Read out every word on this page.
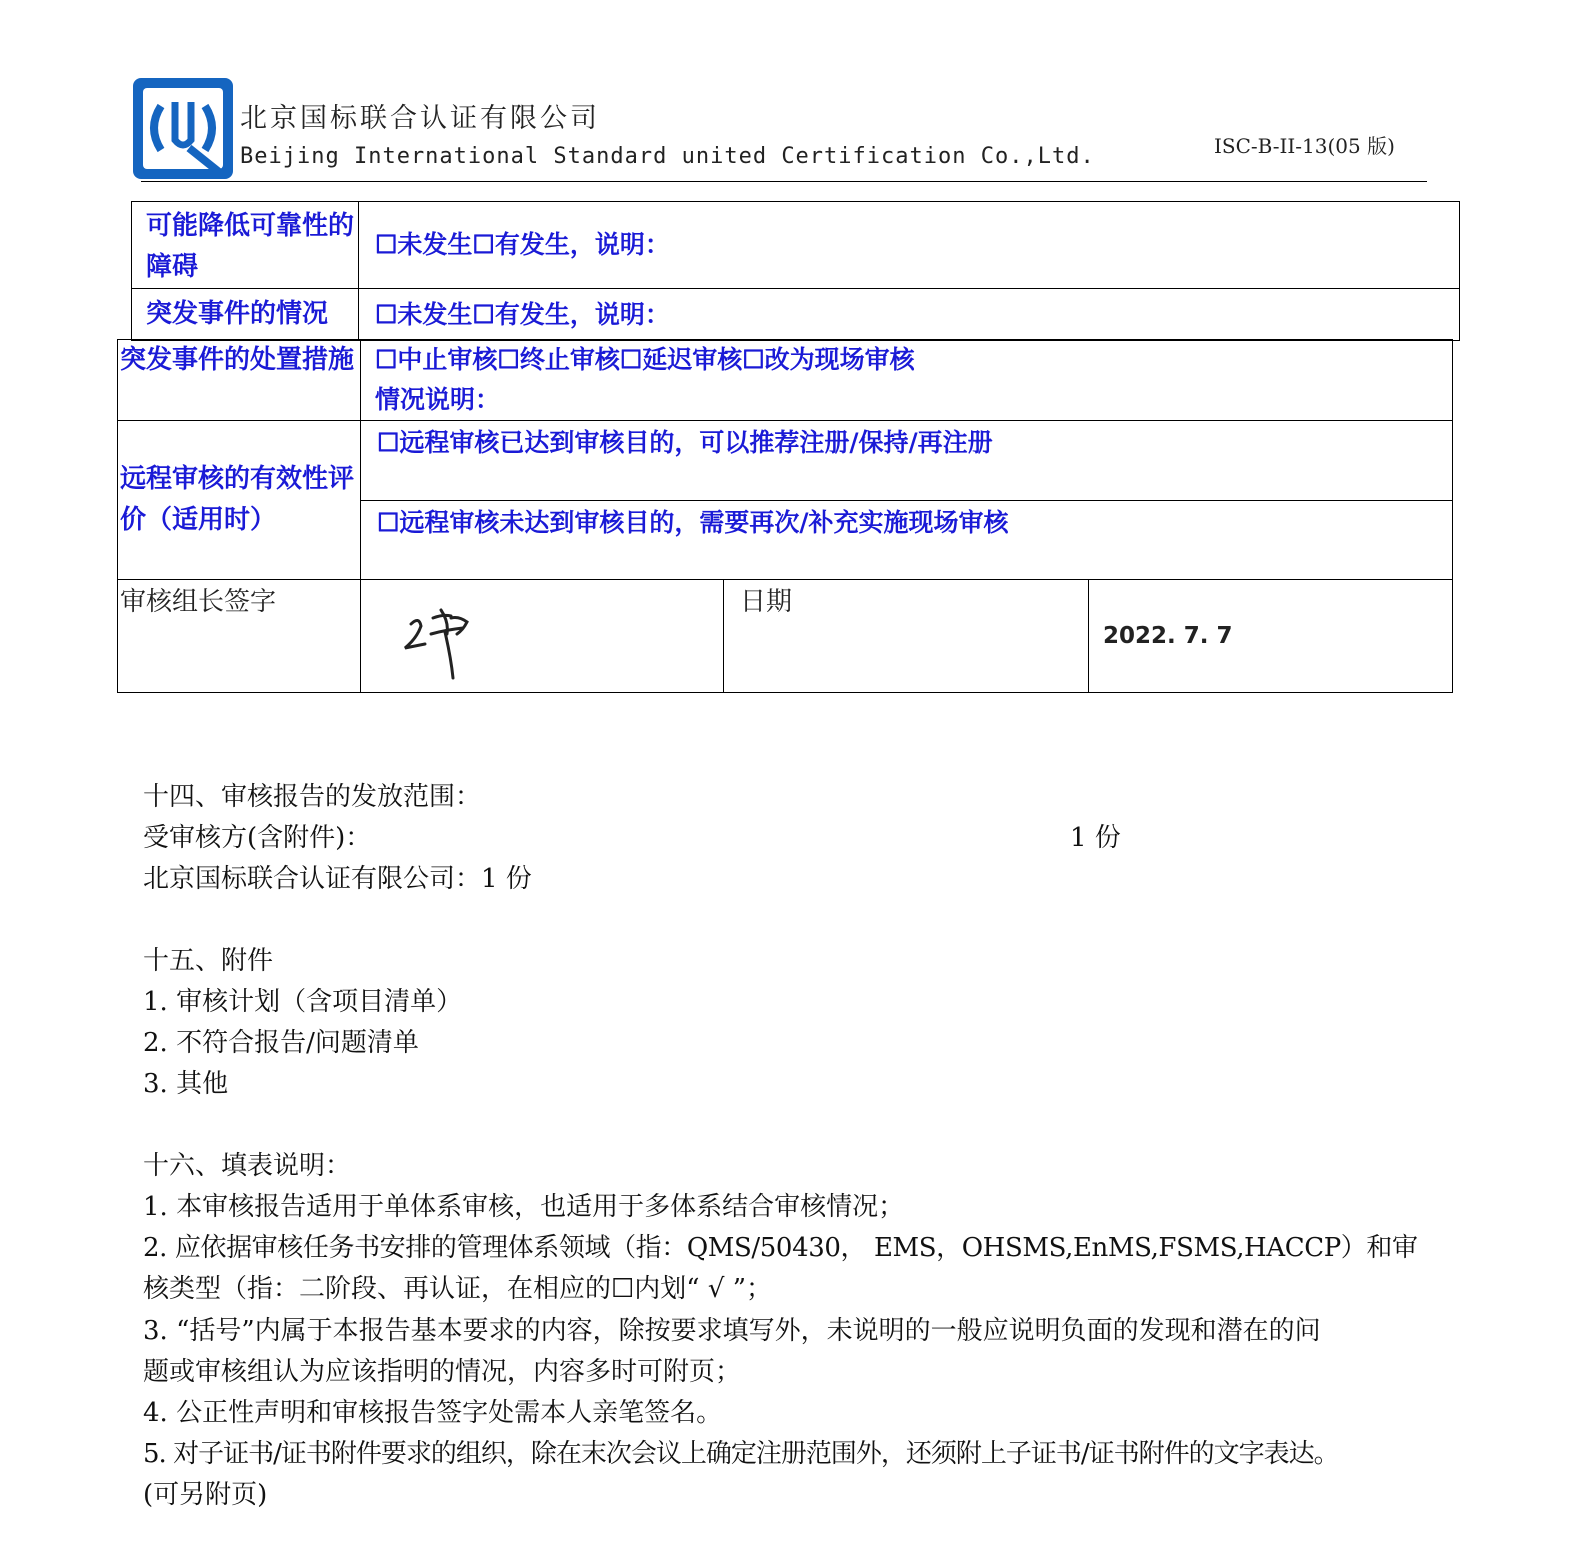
北京国标联合认证有限公司
Beijing International Standard united Certification Co.,Ltd.	ISC-B-II-13(05 版)
可能降低可靠性的障碍	☐未发生☐有发生，说明：

突发事件的情况	☐未发生☐有发生，说明：
突发事件的处置措施	☐中止审核☐终止审核☐延迟审核☐改为现场审核
情况说明：		

远程审核的有效性评价（适用时）	☐远程审核已达到审核目的，可以推荐注册/保持/再注册		

	☐远程审核未达到审核目的，需要再次/补充实施现场审核		

审核组长签字		日期	2022. 7. 7
十四、审核报告的发放范围：
受审核方(含附件)：	1 份
北京国标联合认证有限公司：1 份
十五、附件
1. 审核计划（含项目清单）
2. 不符合报告/问题清单
3. 其他
十六、填表说明：
1. 本审核报告适用于单体系审核，也适用于多体系结合审核情况；
2. 应依据审核任务书安排的管理体系领域（指：QMS/50430， EMS，OHSMS,EnMS,FSMS,HACCP）和审
核类型（指：二阶段、再认证，在相应的☐内划“ √ ”；
3. “括号”内属于本报告基本要求的内容，除按要求填写外，未说明的一般应说明负面的发现和潜在的问
题或审核组认为应该指明的情况，内容多时可附页；
4. 公正性声明和审核报告签字处需本人亲笔签名。
5. 对子证书/证书附件要求的组织，除在末次会议上确定注册范围外，还须附上子证书/证书附件的文字表达。
(可另附页)
